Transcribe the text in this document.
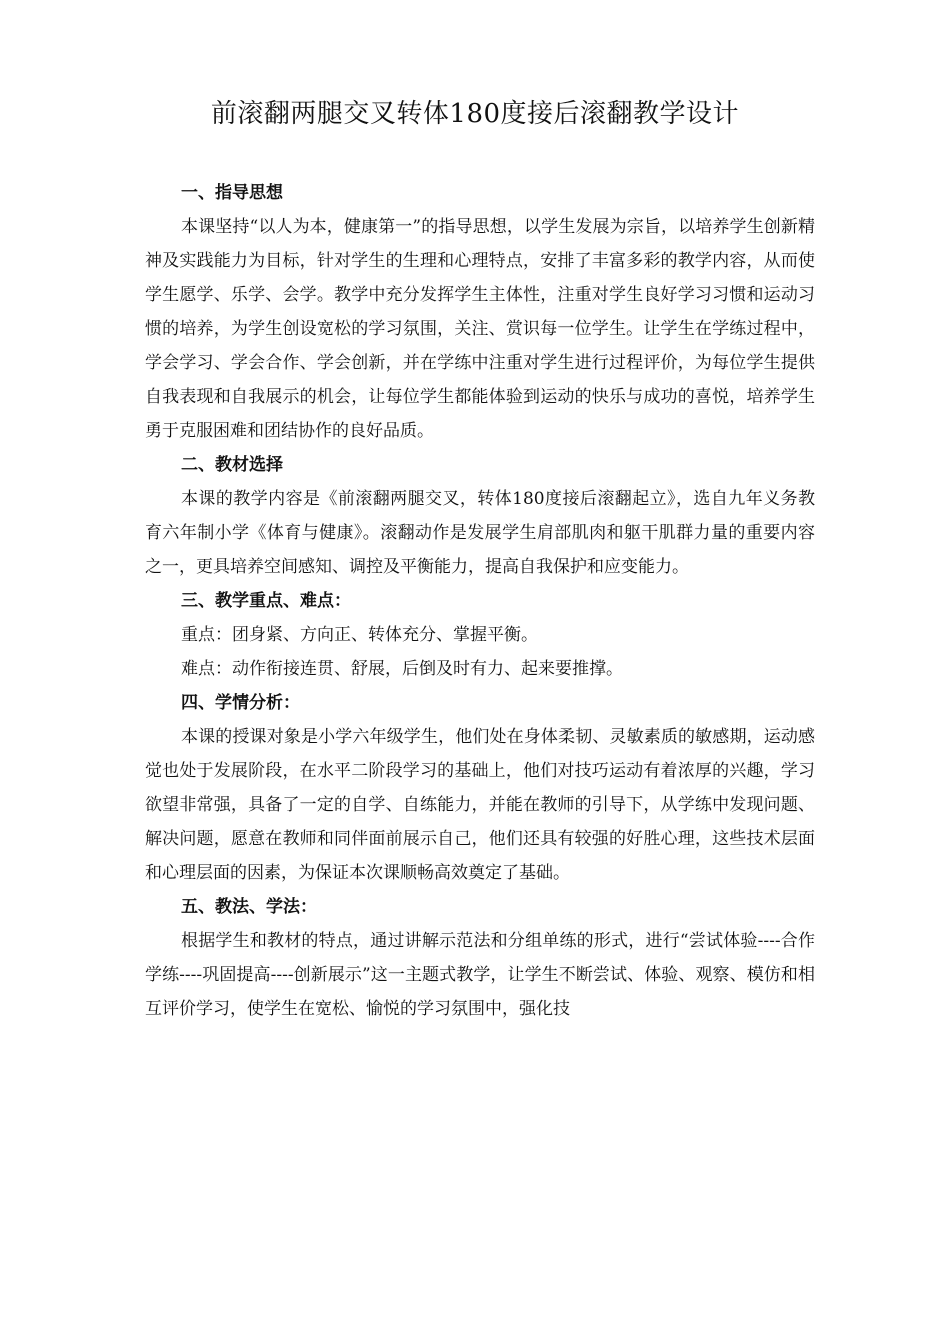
前滚翻两腿交叉转体180度接后滚翻教学设计
一、指导思想

本课坚持“以人为本，健康第一”的指导思想，以学生发展为宗旨，以培养学生创新精神及实践能力为目标，针对学生的生理和心理特点，安排了丰富多彩的教学内容，从而使学生愿学、乐学、会学。教学中充分发挥学生主体性，注重对学生良好学习习惯和运动习惯的培养，为学生创设宽松的学习氛围，关注、赏识每一位学生。让学生在学练过程中，学会学习、学会合作、学会创新，并在学练中注重对学生进行过程评价，为每位学生提供自我表现和自我展示的机会，让每位学生都能体验到运动的快乐与成功的喜悦，培养学生勇于克服困难和团结协作的良好品质。

二、教材选择

本课的教学内容是《前滚翻两腿交叉，转体180度接后滚翻起立》，选自九年义务教育六年制小学《体育与健康》。滚翻动作是发展学生肩部肌肉和躯干肌群力量的重要内容之一，更具培养空间感知、调控及平衡能力，提高自我保护和应变能力。

三、教学重点、难点：
重点：团身紧、方向正、转体充分、掌握平衡。
难点：动作衔接连贯、舒展，后倒及时有力、起来要推撑。
四、学情分析：

本课的授课对象是小学六年级学生，他们处在身体柔韧、灵敏素质的敏感期，运动感觉也处于发展阶段，在水平二阶段学习的基础上，他们对技巧运动有着浓厚的兴趣，学习欲望非常强，具备了一定的自学、自练能力，并能在教师的引导下，从学练中发现问题、解决问题，愿意在教师和同伴面前展示自己，他们还具有较强的好胜心理，这些技术层面和心理层面的因素，为保证本次课顺畅高效奠定了基础。

五、教法、学法：

根据学生和教材的特点，通过讲解示范法和分组单练的形式，进行“尝试体验----合作学练----巩固提高----创新展示”这一主题式教学，让学生不断尝试、体验、观察、模仿和相互评价学习，使学生在宽松、愉悦的学习氛围中，强化技
